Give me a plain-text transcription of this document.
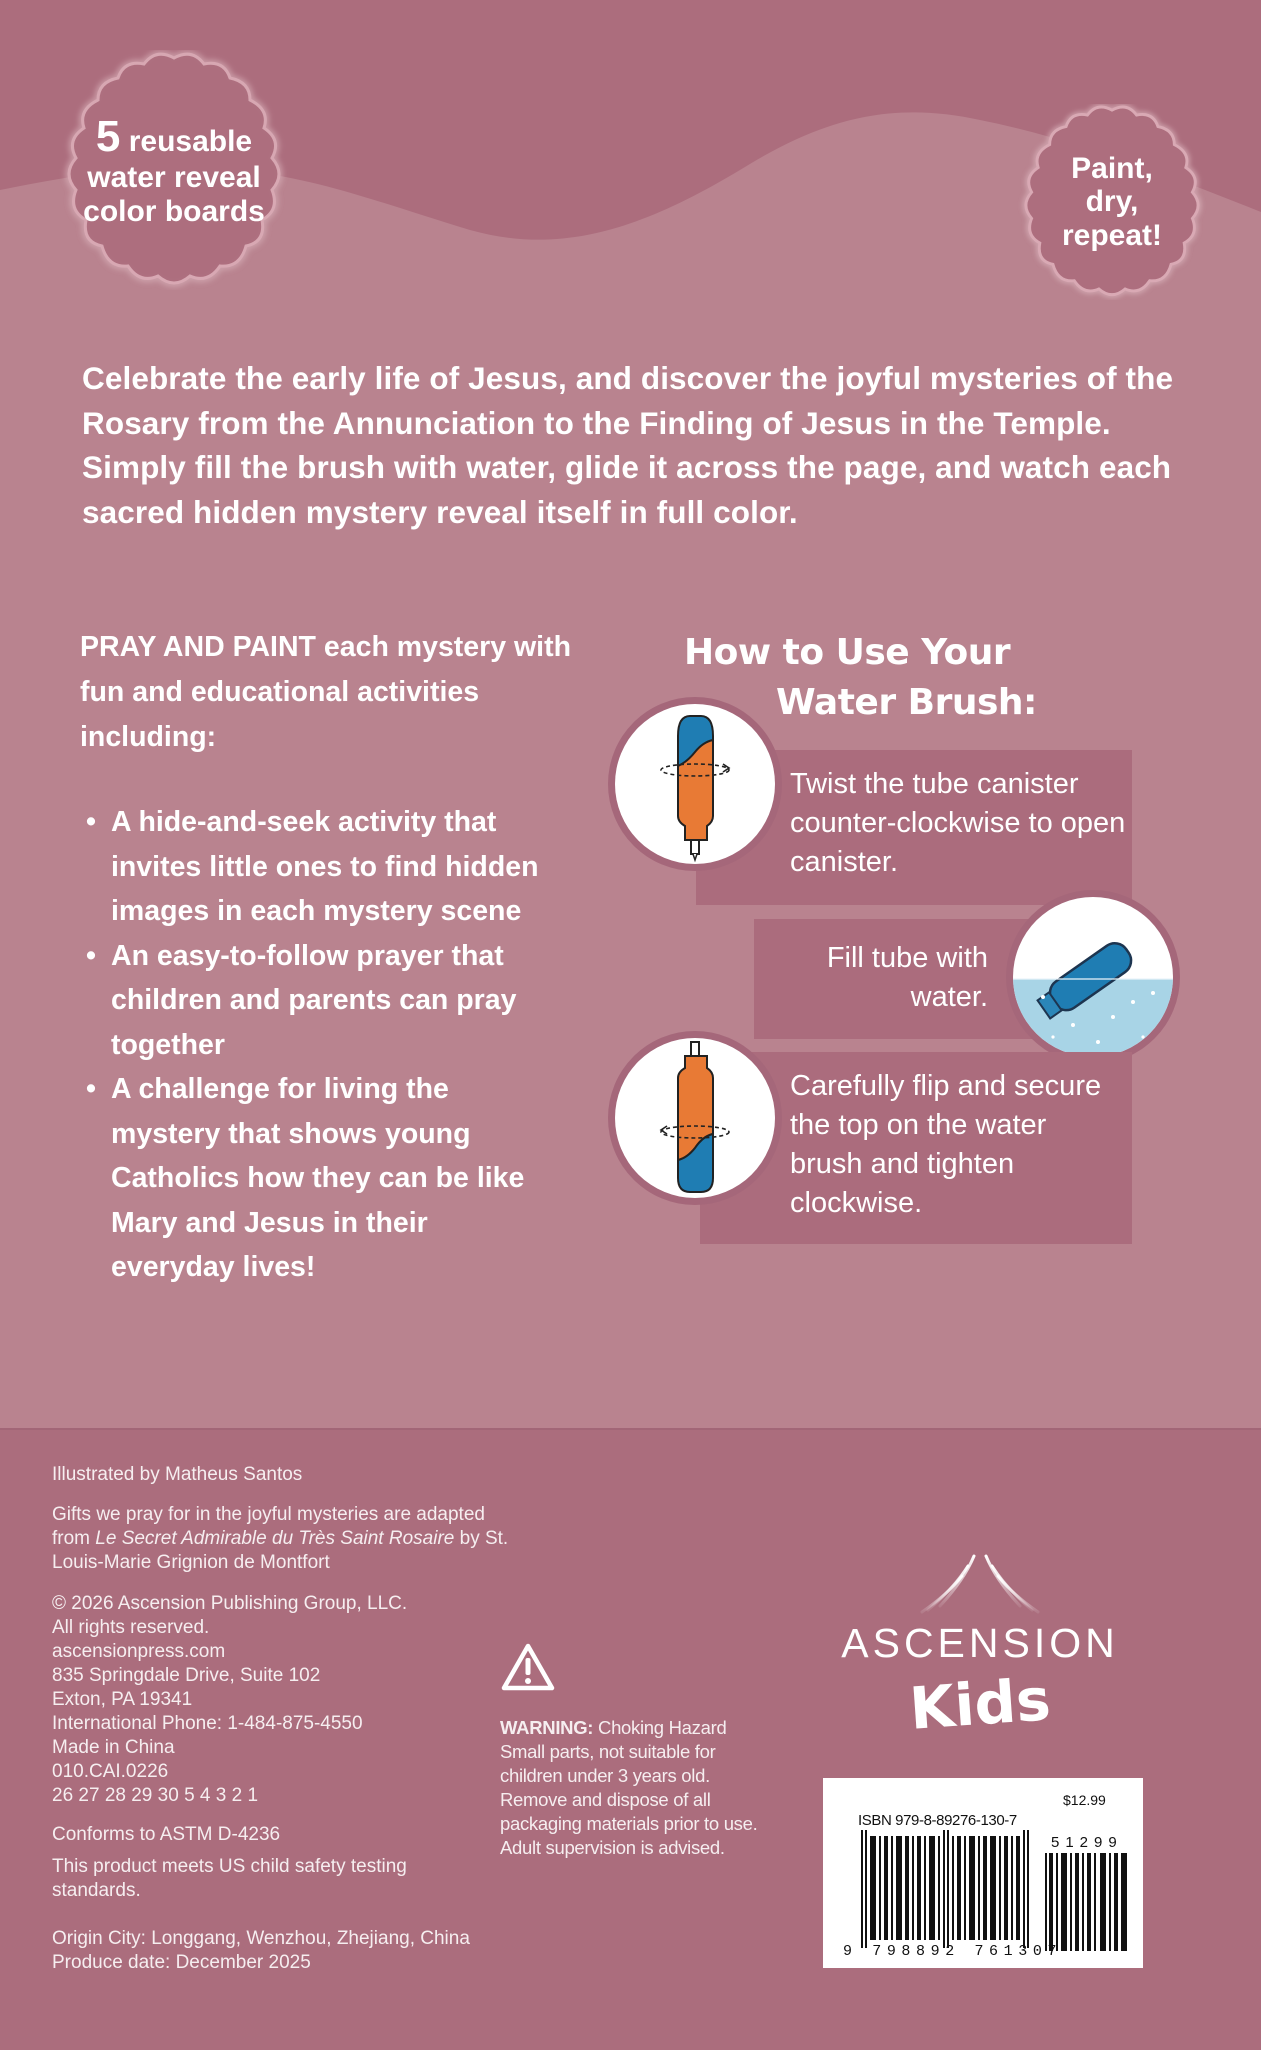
5 reusable
water reveal
color boards
Paint,
dry,
repeat!

Celebrate the early life of Jesus, and discover the joyful mysteries of the Rosary from the Annunciation to the Finding of Jesus in the Temple. Simply fill the brush with water, glide it across the page, and watch each sacred hidden mystery reveal itself in full color.

PRAY AND PAINT each mystery with fun and educational activities including:
• A hide-and-seek activity that invites little ones to find hidden images in each mystery scene
• An easy-to-follow prayer that children and parents can pray together
• A challenge for living the mystery that shows young Catholics how they can be like Mary and Jesus in their everyday lives!
How to Use Your
Water Brush:
Twist the tube canister counter-clockwise to open canister.
Fill tube with water.
Carefully flip and secure the top on the water brush and tighten clockwise.
Illustrated by Matheus Santos
Gifts we pray for in the joyful mysteries are adapted from Le Secret Admirable du Très Saint Rosaire by St. Louis-Marie Grignion de Montfort
© 2026 Ascension Publishing Group, LLC.
All rights reserved.
ascensionpress.com
835 Springdale Drive, Suite 102
Exton, PA 19341
International Phone: 1-484-875-4550
Made in China
010.CAI.0226
26 27 28 29 30 5 4 3 2 1
Conforms to ASTM D-4236
This product meets US child safety testing standards.
Origin City: Longgang, Wenzhou, Zhejiang, China
Produce date: December 2025
WARNING: Choking Hazard
Small parts, not suitable for
children under 3 years old.
Remove and dispose of all
packaging materials prior to use.
Adult supervision is advised.
ASCENSION
Kids
$12.99
ISBN 979-8-89276-130-7
51299
9 798892 761307
